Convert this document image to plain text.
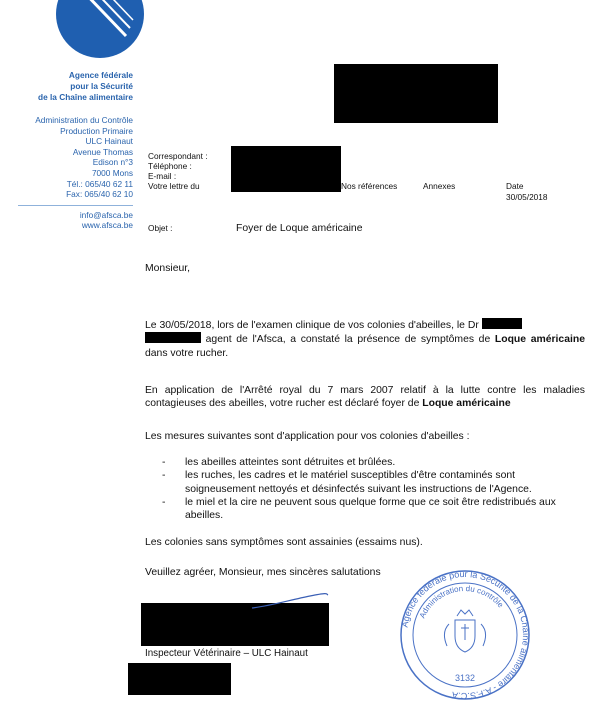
Agence fédérale
pour la Sécurité
de la Chaîne alimentaire
Administration du Contrôle
Production Primaire
ULC Hainaut
Avenue Thomas
Edison n°3
7000 Mons
Tél.: 065/40 62 11
Fax: 065/40 62 10
info@afsca.be
www.afsca.be
Correspondant :
Téléphone :
E-mail :
Votre lettre du	Nos références	Annexes	Date
30/05/2018
Objet :	Foyer de Loque américaine
Monsieur,
Le 30/05/2018, lors de l'examen clinique de vos colonies d'abeilles, le Dr
agent de l'Afsca, a constaté la présence de symptômes de Loque américaine dans votre rucher.
En application de l'Arrêté royal du 7 mars 2007 relatif à la lutte contre les maladies contagieuses des abeilles, votre rucher est déclaré foyer de Loque américaine
Les mesures suivantes sont d'application pour vos colonies d'abeilles :
- les abeilles atteintes sont détruites et brûlées.
- les ruches, les cadres et le matériel susceptibles d'être contaminés sont soigneusement nettoyés et désinfectés suivant les instructions de l'Agence.
- le miel et la cire ne peuvent sous quelque forme que ce soit être redistribués aux abeilles.
Les colonies sans symptômes sont assainies (essaims nus).
Veuillez agréer, Monsieur, mes sincères salutations
Inspecteur Vétérinaire – ULC Hainaut
Agence fédérale pour la Sécurité de la Chaîne alimentaire - A.F.S.C.A
Administration du contrôle
3132
